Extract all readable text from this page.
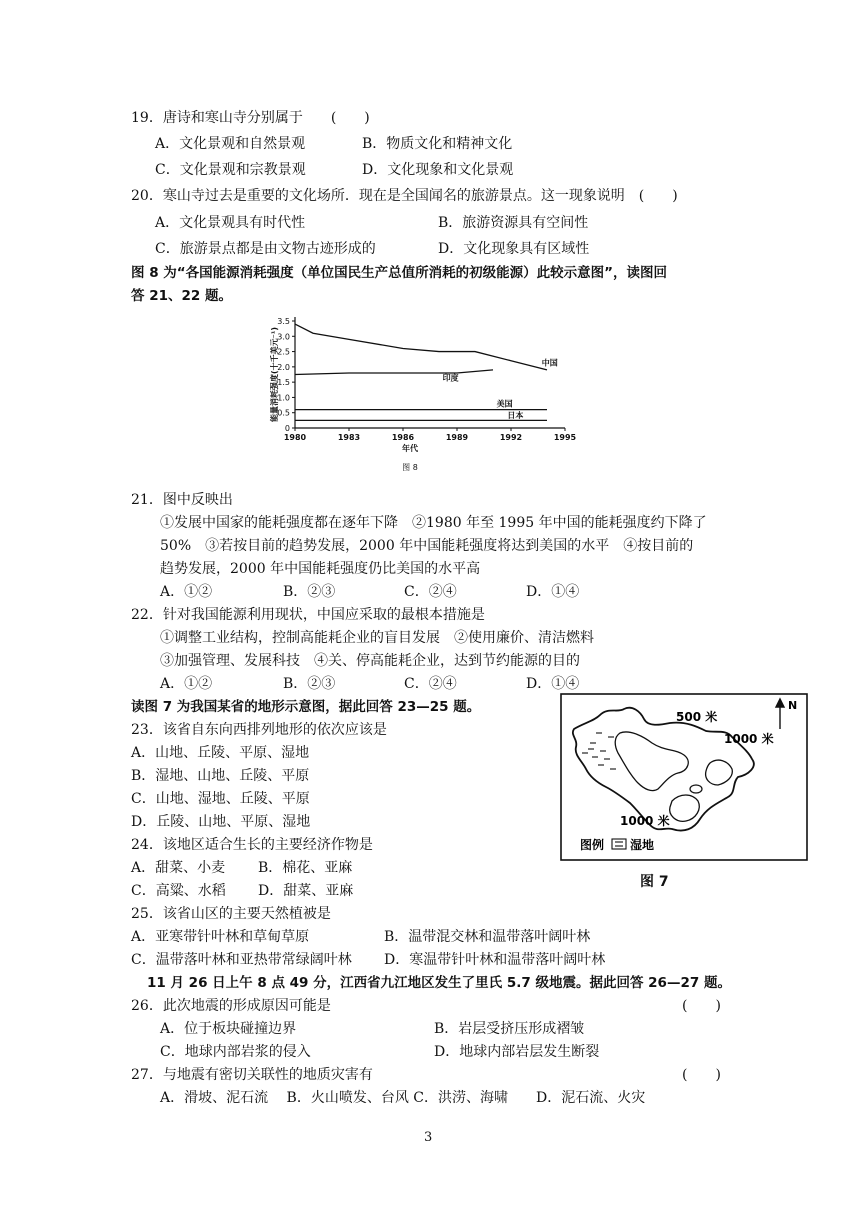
19．唐诗和寒山寺分别属于　　(　　)
A．文化景观和自然景观	B．物质文化和精神文化
C．文化景观和宗教景观	D．文化现象和文化景观
20．寒山寺过去是重要的文化场所．现在是全国闻名的旅游景点。这一现象说明　(　　)
A．文化景观具有时代性	B．旅游资源具有空间性
C．旅游景点都是由文物古迹形成的	D．文化现象具有区域性
图 8 为“各国能源消耗强度（单位国民生产总值所消耗的初级能源）此较示意图”，读图回
答 21、22 题。
0
0.5
1.0
1.5
2.0
2.5
3.0
3.5
1980	1983	1986	1989	1992	1995
中国
印度
美国
日本
能量消耗强度(十千美元⁻¹)
年代
图 8
21．图中反映出
①发展中国家的能耗强度都在逐年下降　②1980 年至 1995 年中国的能耗强度约下降了
50%　③若按目前的趋势发展，2000 年中国能耗强度将达到美国的水平　④按目前的
趋势发展，2000 年中国能耗强度仍比美国的水平高
A．①②	B．②③	C．②④	D．①④
22．针对我国能源利用现状，中国应采取的最根本措施是
①调整工业结构，控制高能耗企业的盲目发展　②使用廉价、清洁燃料
③加强管理、发展科技　④关、停高能耗企业，达到节约能源的目的
A．①②	B．②③	C．②④	D．①④
读图 7 为我国某省的地形示意图，据此回答 23—25 题。
23．该省自东向西排列地形的依次应该是
A．山地、丘陵、平原、湿地
B．湿地、山地、丘陵、平原
C．山地、湿地、丘陵、平原
D．丘陵、山地、平原、湿地
24．该地区适合生长的主要经济作物是
A．甜菜、小麦 B．棉花、亚麻
C．高粱、水稻 D．甜菜、亚麻
N
500 米
1000 米
1000 米
图例 湿地
图 7
25．该省山区的主要天然植被是
A．亚寒带针叶林和草甸草原	B．温带混交林和温带落叶阔叶林
C．温带落叶林和亚热带常绿阔叶林 D．寒温带针叶林和温带落叶阔叶林
11 月 26 日上午 8 点 49 分，江西省九江地区发生了里氏 5.7 级地震。据此回答 26—27 题。
26．此次地震的形成原因可能是	(　　)
A．位于板块碰撞边界	B．岩层受挤压形成褶皱
C．地球内部岩浆的侵入	D．地球内部岩层发生断裂
27．与地震有密切关联性的地质灾害有	(　　)
A．滑坡、泥石流　 B．火山喷发、台风 C．洪涝、海啸　　D．泥石流、火灾
3
